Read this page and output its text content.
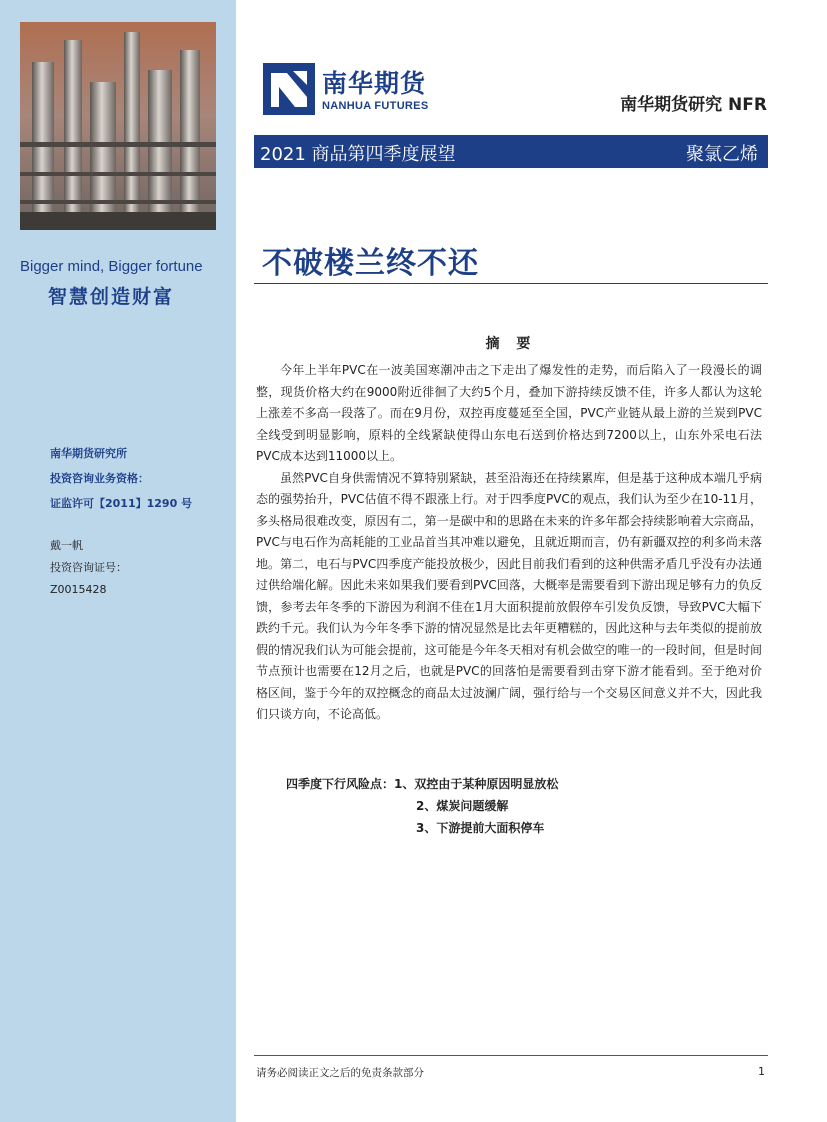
Bigger mind, Bigger fortune
智慧创造财富
南华期货研究所
投资咨询业务资格：
证监许可【2011】1290 号
戴一帆
投资咨询证号：
Z0015428
南华期货
NANHUA FUTURES	南华期货研究 NFR
2021 商品第四季度展望	聚氯乙烯
不破楼兰终不还
摘 要

今年上半年PVC在一波美国寒潮冲击之下走出了爆发性的走势，而后陷入了一段漫长的调整，现货价格大约在9000附近徘徊了大约5个月，叠加下游持续反馈不佳，许多人都认为这轮上涨差不多高一段落了。而在9月份，双控再度蔓延至全国，PVC产业链从最上游的兰炭到PVC全线受到明显影响，原料的全线紧缺使得山东电石送到价格达到7200以上，山东外采电石法PVC成本达到11000以上。

虽然PVC自身供需情况不算特别紧缺，甚至沿海还在持续累库，但是基于这种成本端几乎病态的强势抬升，PVC估值不得不跟涨上行。对于四季度PVC的观点，我们认为至少在10-11月，多头格局很难改变，原因有二，第一是碳中和的思路在未来的许多年都会持续影响着大宗商品，PVC与电石作为高耗能的工业品首当其冲难以避免，且就近期而言，仍有新疆双控的利多尚未落地。第二，电石与PVC四季度产能投放极少，因此目前我们看到的这种供需矛盾几乎没有办法通过供给端化解。因此未来如果我们要看到PVC回落，大概率是需要看到下游出现足够有力的负反馈，参考去年冬季的下游因为利润不佳在1月大面积提前放假停车引发负反馈，导致PVC大幅下跌约千元。我们认为今年冬季下游的情况显然是比去年更糟糕的，因此这种与去年类似的提前放假的情况我们认为可能会提前，这可能是今年冬天相对有机会做空的唯一的一段时间，但是时间节点预计也需要在12月之后，也就是PVC的回落怕是需要看到击穿下游才能看到。至于绝对价格区间，鉴于今年的双控概念的商品太过波澜广阔，强行给与一个交易区间意义并不大，因此我们只谈方向，不论高低。

四季度下行风险点：1、双控由于某种原因明显放松
2、煤炭问题缓解
3、下游提前大面积停车
请务必阅读正文之后的免责条款部分	1
